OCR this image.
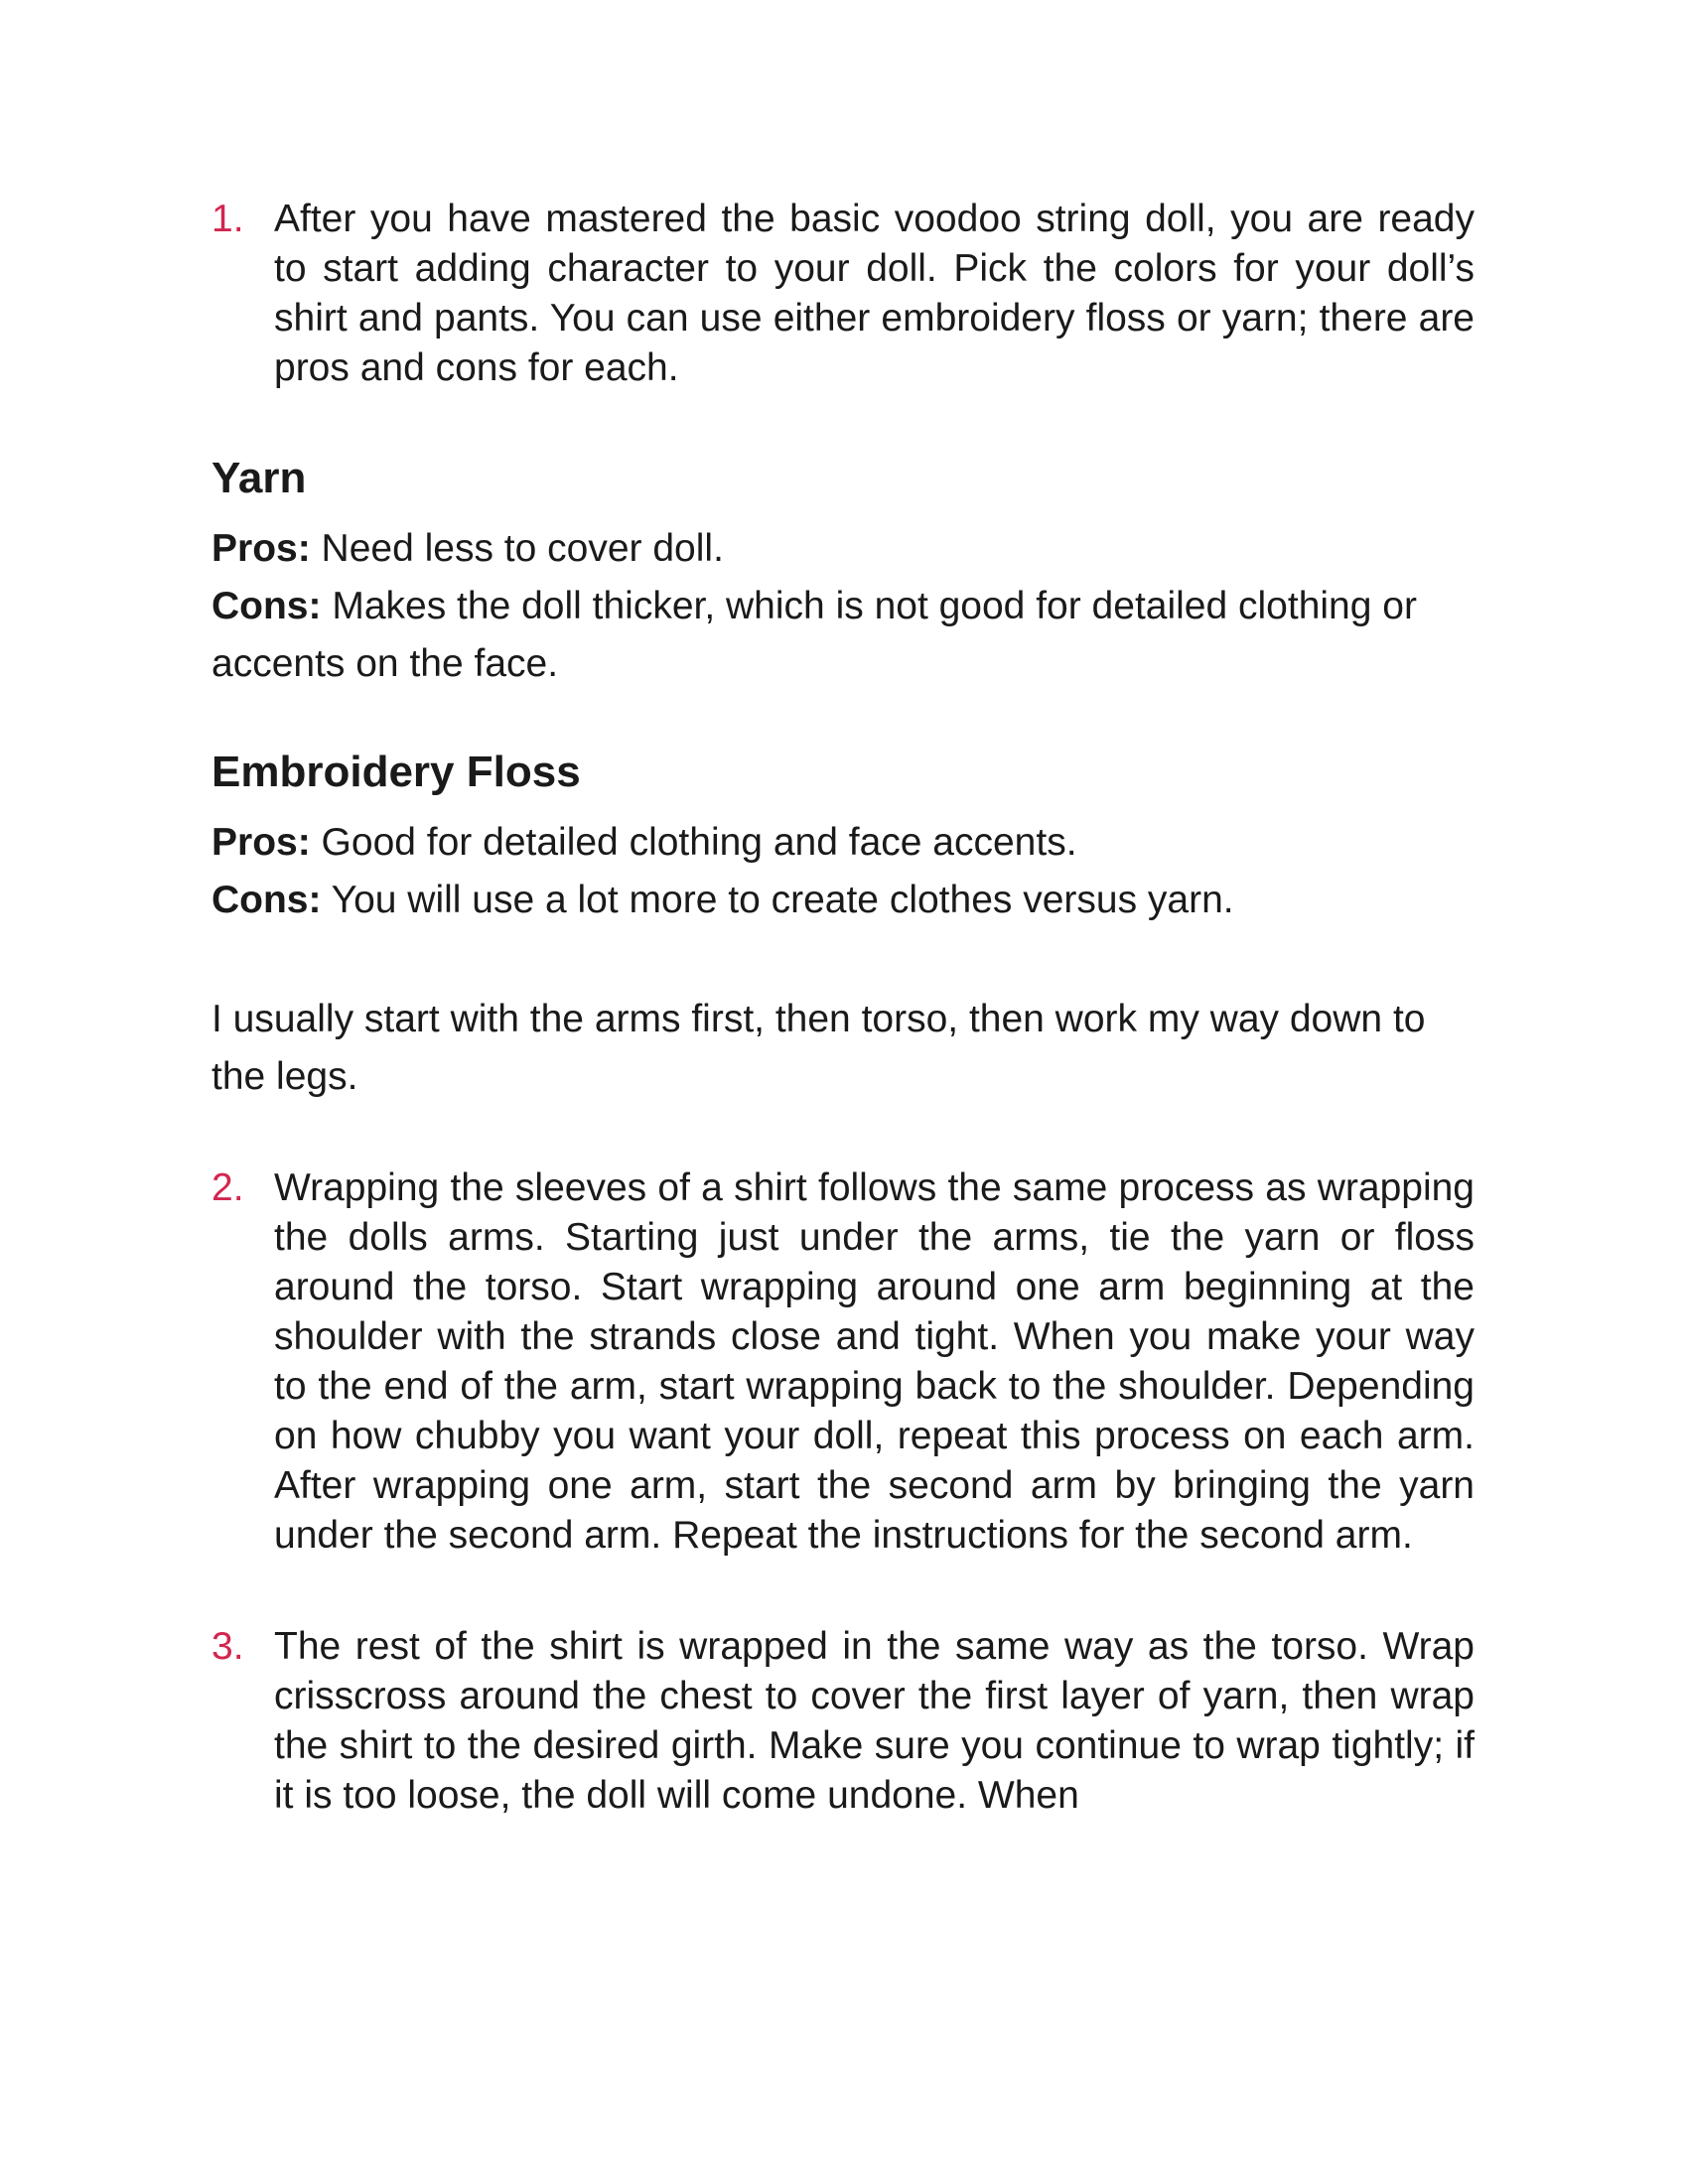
1. After you have mastered the basic voodoo string doll, you are ready to start adding character to your doll. Pick the colors for your doll’s shirt and pants. You can use either embroidery floss or yarn; there are pros and cons for each.
Yarn

Pros: Need less to cover doll.

Cons: Makes the doll thicker, which is not good for detailed clothing or accents on the face.

Embroidery Floss

Pros: Good for detailed clothing and face accents.

Cons: You will use a lot more to create clothes versus yarn.

I usually start with the arms first, then torso, then work my way down to the legs.

2. Wrapping the sleeves of a shirt follows the same process as wrapping the dolls arms. Starting just under the arms, tie the yarn or floss around the torso. Start wrapping around one arm beginning at the shoulder with the strands close and tight. When you make your way to the end of the arm, start wrapping back to the shoulder. Depending on how chubby you want your doll, repeat this process on each arm. After wrapping one arm, start the second arm by bringing the yarn under the second arm. Repeat the instructions for the second arm.
3. The rest of the shirt is wrapped in the same way as the torso. Wrap crisscross around the chest to cover the first layer of yarn, then wrap the shirt to the desired girth. Make sure you continue to wrap tightly; if it is too loose, the doll will come undone. When
